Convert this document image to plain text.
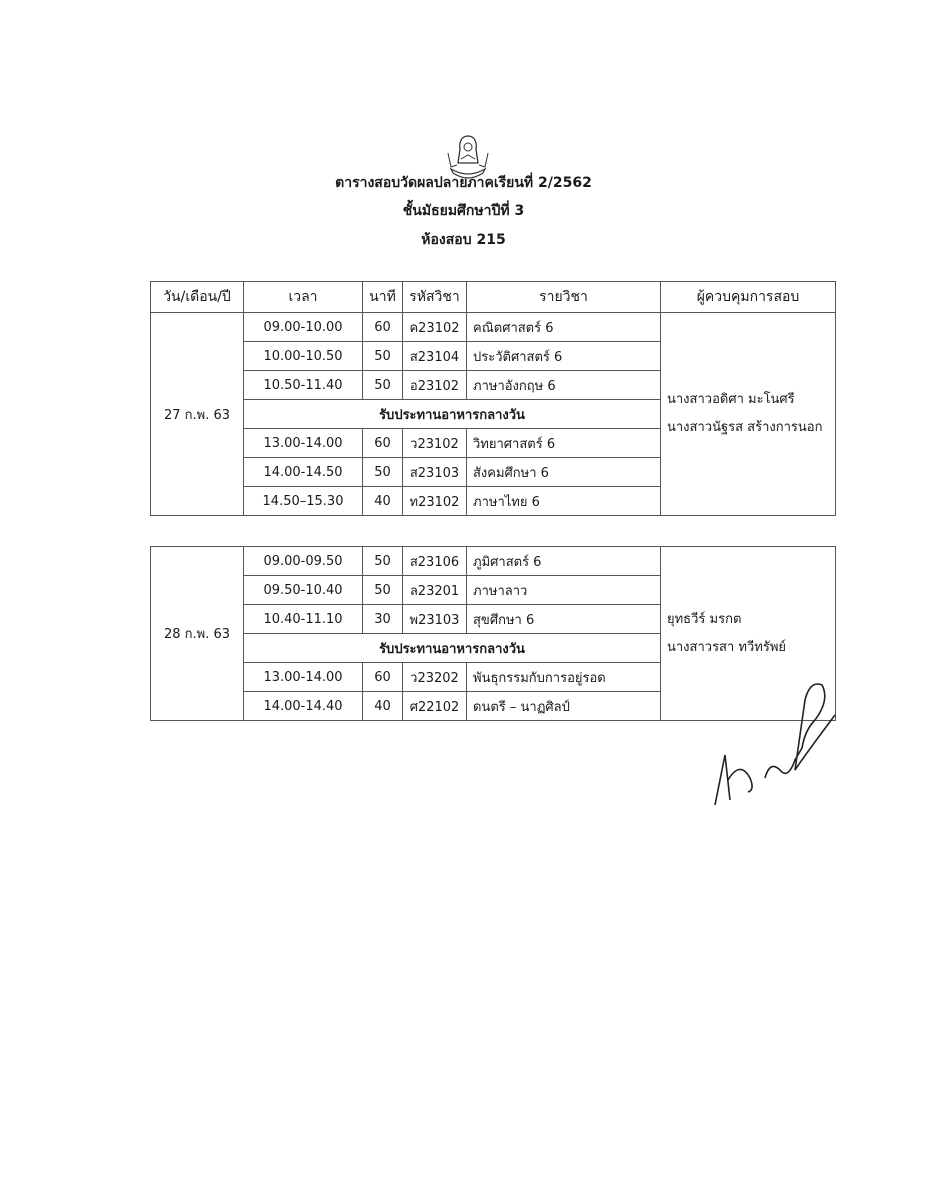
ตารางสอบวัดผลปลายภาคเรียนที่ 2/2562
ชั้นมัธยมศึกษาปีที่ 3
ห้องสอบ 215
วัน/เดือน/ปี	เวลา	นาที	รหัสวิชา	รายวิชา	ผู้ควบคุมการสอบ
27 ก.พ. 63	09.00-10.00	60	ค23102	คณิตศาสตร์ 6	นางสาวอดิศา มะโนศรี
นางสาวนัฐรส สร้างการนอก

	10.00-10.50	50	ส23104	ประวัติศาสตร์ 6	
	10.50-11.40	50	อ23102	ภาษาอังกฤษ 6	
	รับประทานอาหารกลางวัน				
	13.00-14.00	60	ว23102	วิทยาศาสตร์ 6	
	14.00-14.50	50	ส23103	สังคมศึกษา 6	
	14.50–15.30	40	ท23102	ภาษาไทย 6	
28 ก.พ. 63	09.00-09.50	50	ส23106	ภูมิศาสตร์ 6	ยุทธวีร์ มรกต
นางสาวรสา ทวีทรัพย์

	09.50-10.40	50	ล23201	ภาษาลาว	
	10.40-11.10	30	พ23103	สุขศึกษา 6	
	รับประทานอาหารกลางวัน				
	13.00-14.00	60	ว23202	พันธุกรรมกับการอยู่รอด	
	14.00-14.40	40	ศ22102	ดนตรี – นาฏศิลป์	
